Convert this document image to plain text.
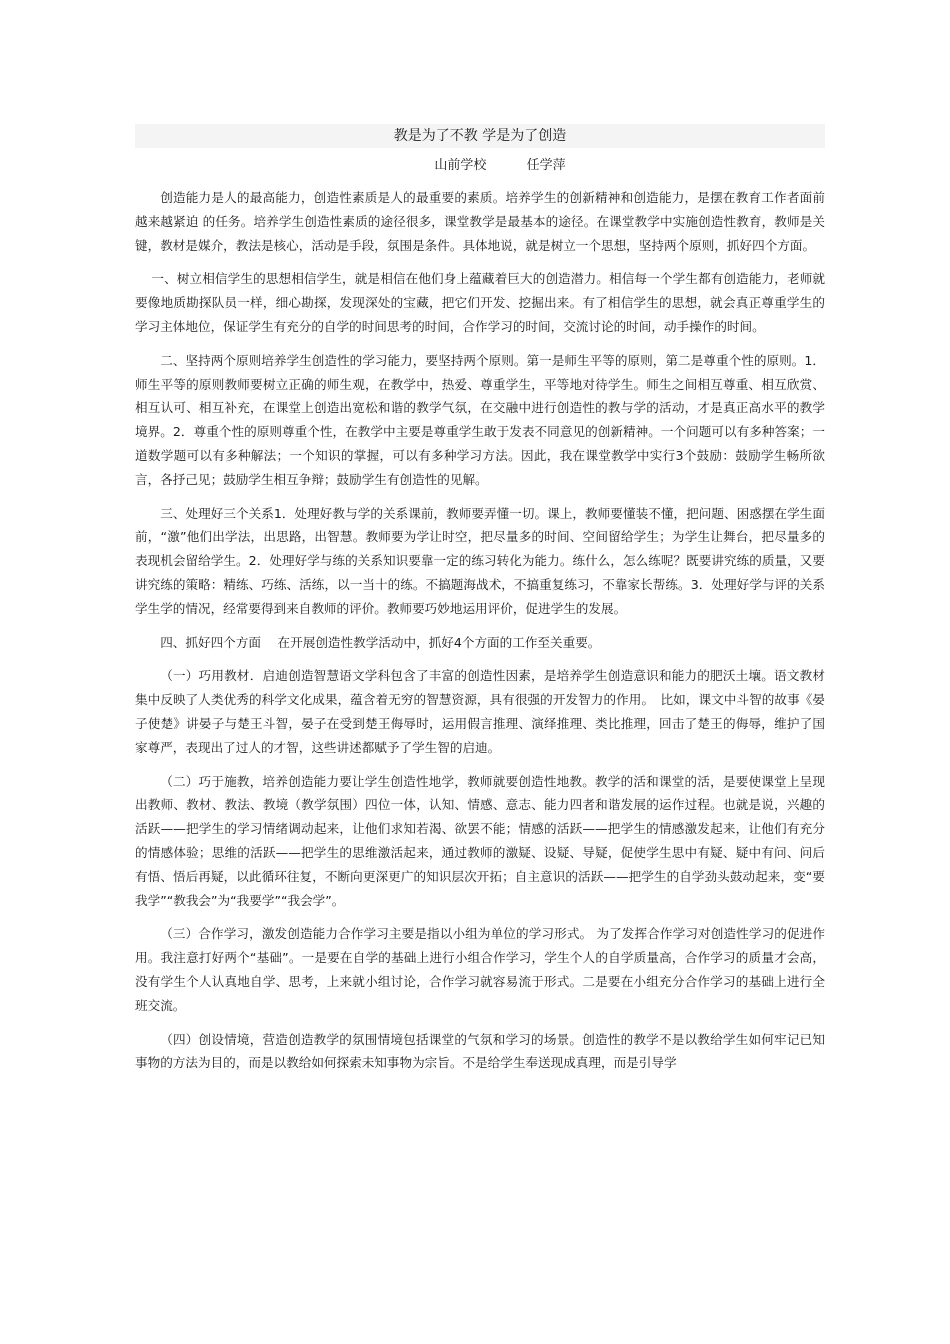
教是为了不教 学是为了创造
山前学校	任学萍

创造能力是人的最高能力，创造性素质是人的最重要的素质。培养学生的创新精神和创造能力，是摆在教育工作者面前越来越紧迫 的任务。培养学生创造性素质的途径很多，课堂教学是最基本的途径。在课堂教学中实施创造性教育，教师是关键，教材是媒介，教法是核心，活动是手段，氛围是条件。具体地说，就是树立一个思想，坚持两个原则，抓好四个方面。

一、树立相信学生的思想相信学生，就是相信在他们身上蕴藏着巨大的创造潜力。相信每一个学生都有创造能力，老师就要像地质勘探队员一样，细心勘探，发现深处的宝藏，把它们开发、挖掘出来。有了相信学生的思想，就会真正尊重学生的学习主体地位，保证学生有充分的自学的时间思考的时间，合作学习的时间，交流讨论的时间，动手操作的时间。

二、坚持两个原则培养学生创造性的学习能力，要坚持两个原则。第一是师生平等的原则，第二是尊重个性的原则。1．师生平等的原则教师要树立正确的师生观，在教学中，热爱、尊重学生，平等地对待学生。师生之间相互尊重、相互欣赏、相互认可、相互补充，在课堂上创造出宽松和谐的教学气氛，在交融中进行创造性的教与学的活动，才是真正高水平的教学境界。2．尊重个性的原则尊重个性，在教学中主要是尊重学生敢于发表不同意见的创新精神。一个问题可以有多种答案；一道数学题可以有多种解法；一个知识的掌握，可以有多种学习方法。因此，我在课堂教学中实行3个鼓励：鼓励学生畅所欲言，各抒己见；鼓励学生相互争辩；鼓励学生有创造性的见解。

三、处理好三个关系1．处理好教与学的关系课前，教师要弄懂一切。课上，教师要懂装不懂，把问题、困惑摆在学生面前，“激”他们出学法，出思路，出智慧。教师要为学让时空，把尽量多的时间、空间留给学生；为学生让舞台，把尽量多的表现机会留给学生。2．处理好学与练的关系知识要靠一定的练习转化为能力。练什么，怎么练呢？既要讲究练的质量，又要讲究练的策略：精练、巧练、活练，以一当十的练。不搞题海战术，不搞重复练习，不靠家长帮练。3．处理好学与评的关系学生学的情况，经常要得到来自教师的评价。教师要巧妙地运用评价，促进学生的发展。

四、抓好四个方面　 在开展创造性教学活动中，抓好4个方面的工作至关重要。

（一）巧用教材．启迪创造智慧语文学科包含了丰富的创造性因素，是培养学生创造意识和能力的肥沃土壤。语文教材集中反映了人类优秀的科学文化成果，蕴含着无穷的智慧资源，具有很强的开发智力的作用。　比如，课文中斗智的故事《晏子使楚》讲晏子与楚王斗智，晏子在受到楚王侮辱时，运用假言推理、演绎推理、类比推理，回击了楚王的侮辱，维护了国家尊严，表现出了过人的才智，这些讲述都赋予了学生智的启迪。

（二）巧于施教，培养创造能力要让学生创造性地学，教师就要创造性地教。教学的活和课堂的活，是要使课堂上呈现出教师、教材、教法、教境（教学氛围）四位一体，认知、情感、意志、能力四者和谐发展的运作过程。也就是说，兴趣的活跃——把学生的学习情绪调动起来，让他们求知若渴、欲罢不能；情感的活跃——把学生的情感激发起来，让他们有充分的情感体验；思维的活跃——把学生的思维激活起来，通过教师的激疑、设疑、导疑，促使学生思中有疑、疑中有问、问后有悟、悟后再疑，以此循环往复，不断向更深更广的知识层次开拓；自主意识的活跃——把学生的自学劲头鼓动起来，变“要我学”“教我会”为“我要学”“我会学”。

（三）合作学习，激发创造能力合作学习主要是指以小组为单位的学习形式。 为了发挥合作学习对创造性学习的促进作用。我注意打好两个“基础”。一是要在自学的基础上进行小组合作学习，学生个人的自学质量高，合作学习的质量才会高，没有学生个人认真地自学、思考，上来就小组讨论，合作学习就容易流于形式。二是要在小组充分合作学习的基础上进行全班交流。

（四）创设情境，营造创造教学的氛围情境包括课堂的气氛和学习的场景。创造性的教学不是以教给学生如何牢记已知事物的方法为目的，而是以教给如何探索未知事物为宗旨。不是给学生奉送现成真理，而是引导学
